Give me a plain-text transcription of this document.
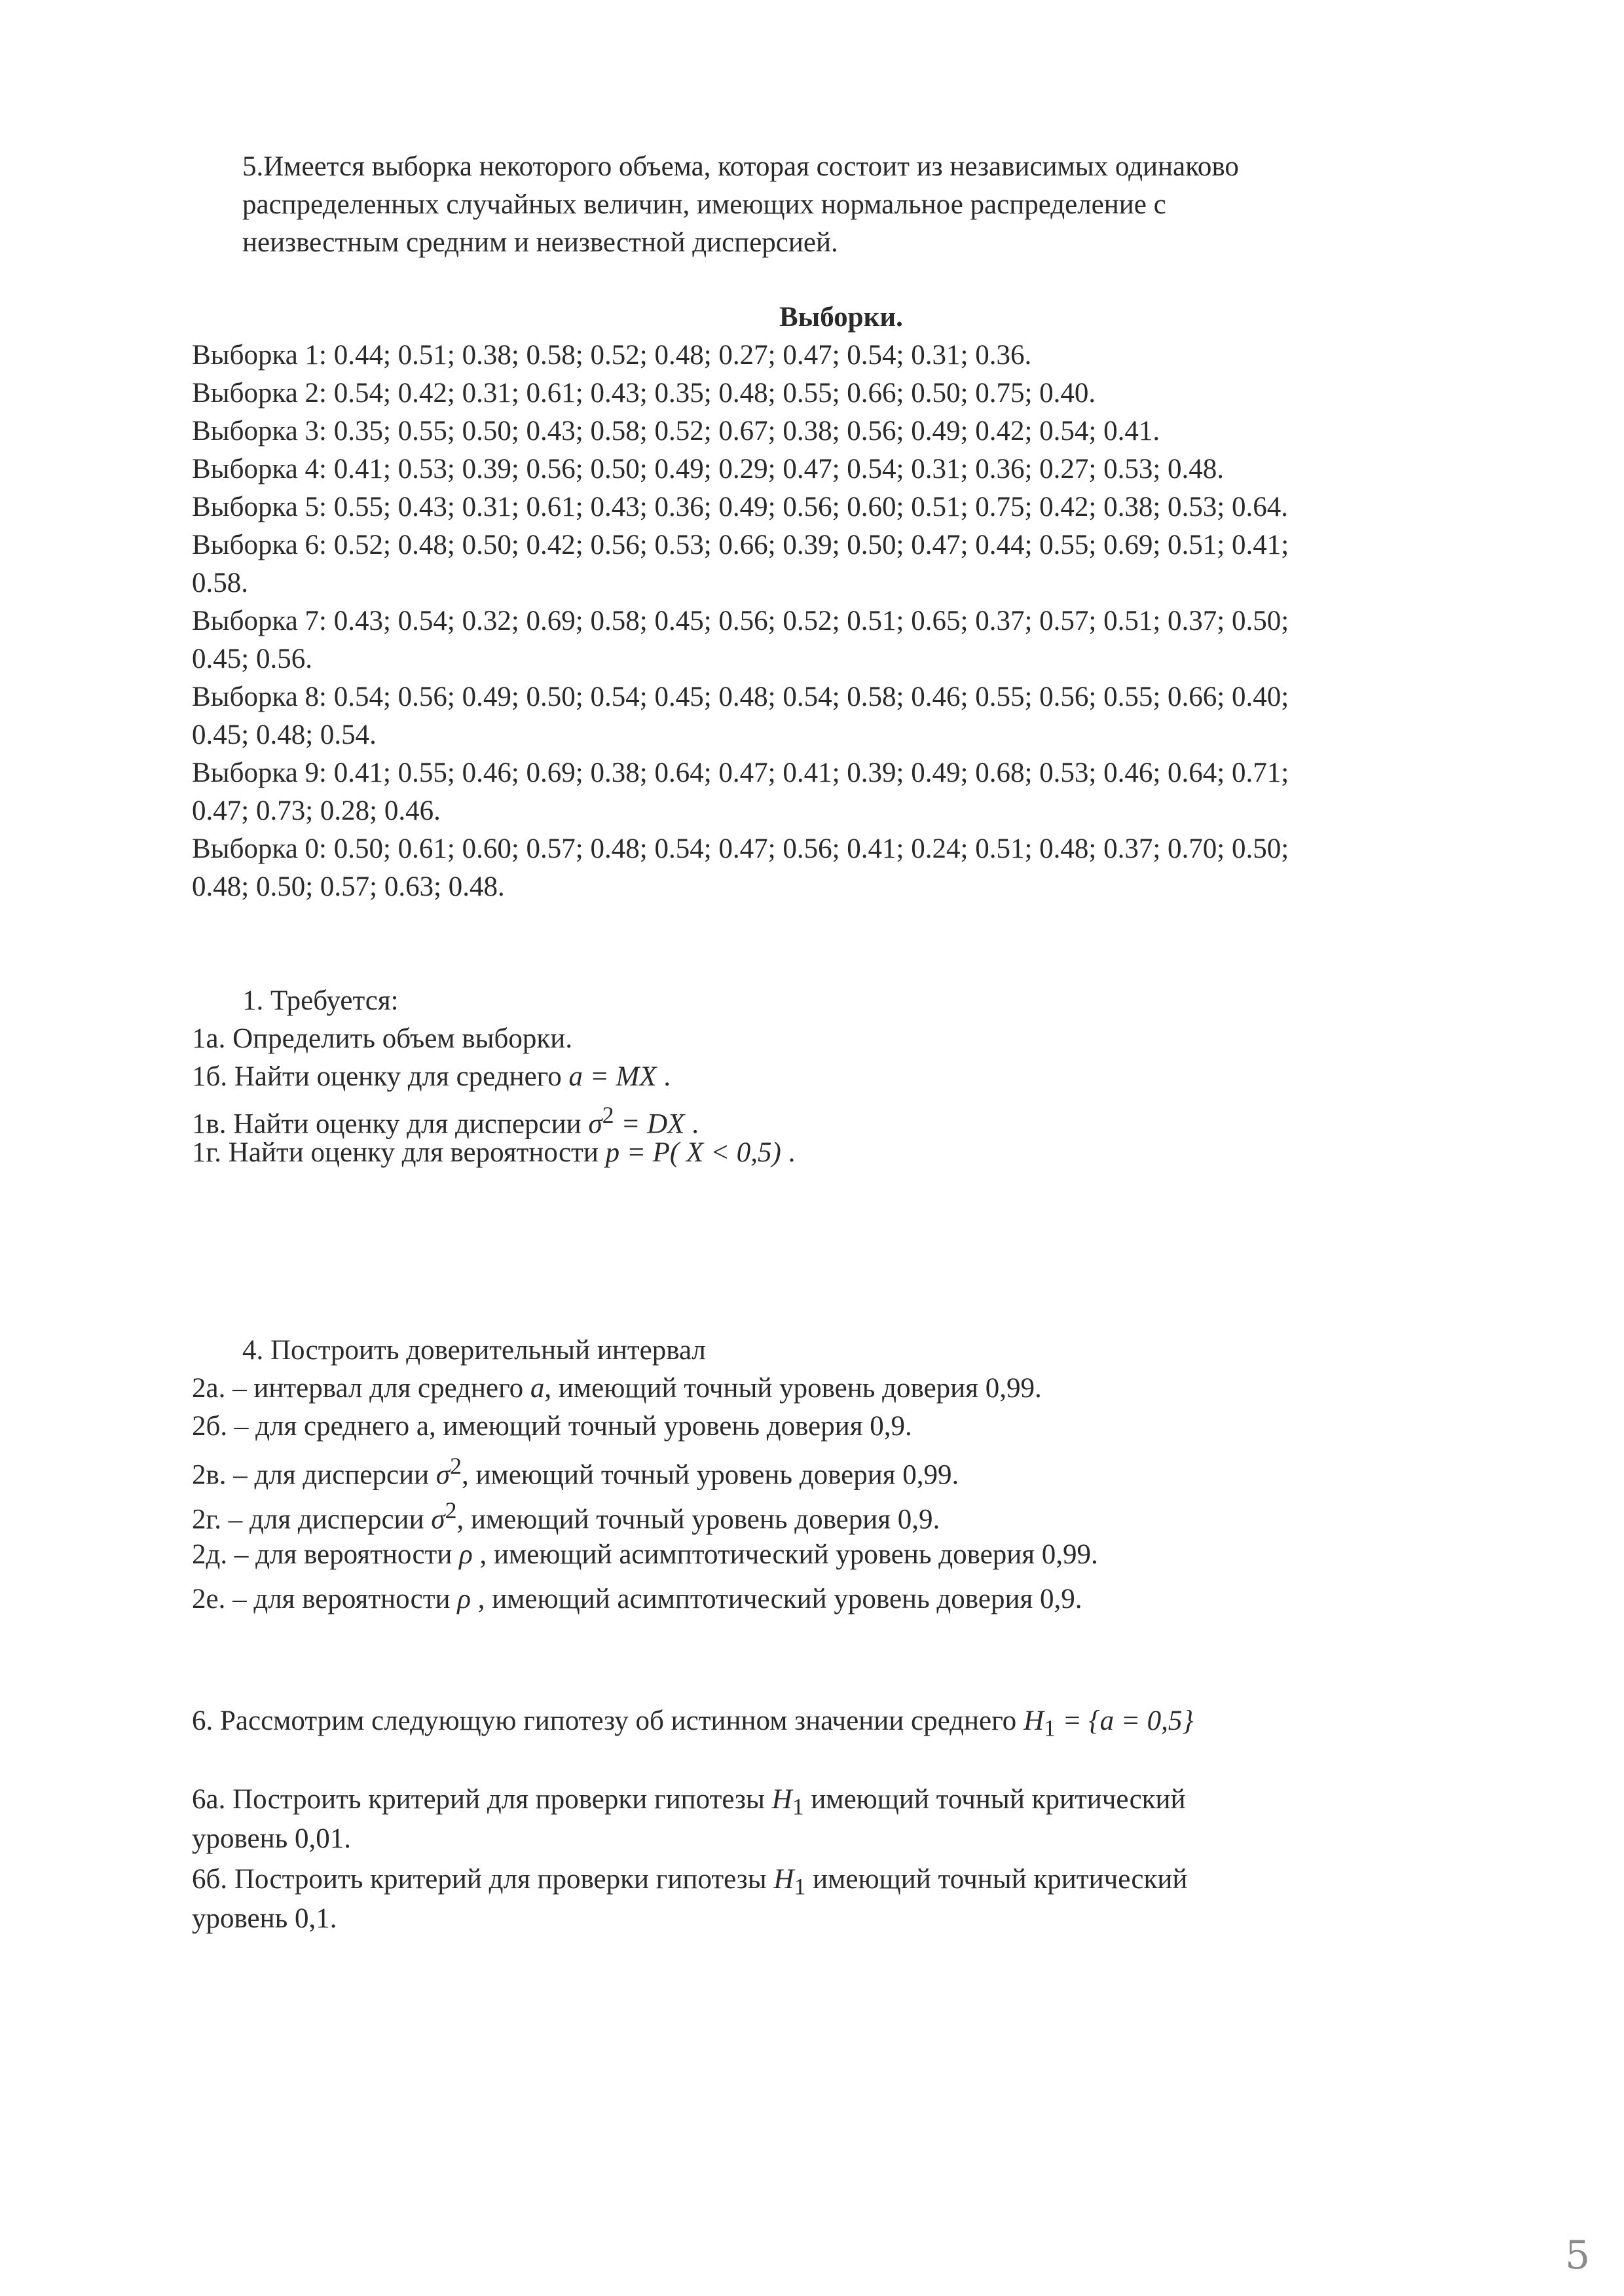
5.Имеется выборка некоторого объема, которая состоит из независимых одинаково
распределенных случайных величин, имеющих нормальное распределение с
неизвестным средним и неизвестной дисперсией.
Выборки.
Выборка 1: 0.44; 0.51; 0.38; 0.58; 0.52; 0.48; 0.27; 0.47; 0.54; 0.31; 0.36.
Выборка 2: 0.54; 0.42; 0.31; 0.61; 0.43; 0.35; 0.48; 0.55; 0.66; 0.50; 0.75; 0.40.
Выборка 3: 0.35; 0.55; 0.50; 0.43; 0.58; 0.52; 0.67; 0.38; 0.56; 0.49; 0.42; 0.54; 0.41.
Выборка 4: 0.41; 0.53; 0.39; 0.56; 0.50; 0.49; 0.29; 0.47; 0.54; 0.31; 0.36; 0.27; 0.53; 0.48.
Выборка 5: 0.55; 0.43; 0.31; 0.61; 0.43; 0.36; 0.49; 0.56; 0.60; 0.51; 0.75; 0.42; 0.38; 0.53; 0.64.
Выборка 6: 0.52; 0.48; 0.50; 0.42; 0.56; 0.53; 0.66; 0.39; 0.50; 0.47; 0.44; 0.55; 0.69; 0.51; 0.41;
0.58.
Выборка 7: 0.43; 0.54; 0.32; 0.69; 0.58; 0.45; 0.56; 0.52; 0.51; 0.65; 0.37; 0.57; 0.51; 0.37; 0.50;
0.45; 0.56.
Выборка 8: 0.54; 0.56; 0.49; 0.50; 0.54; 0.45; 0.48; 0.54; 0.58; 0.46; 0.55; 0.56; 0.55; 0.66; 0.40;
0.45; 0.48; 0.54.
Выборка 9: 0.41; 0.55; 0.46; 0.69; 0.38; 0.64; 0.47; 0.41; 0.39; 0.49; 0.68; 0.53; 0.46; 0.64; 0.71;
0.47; 0.73; 0.28; 0.46.
Выборка 0: 0.50; 0.61; 0.60; 0.57; 0.48; 0.54; 0.47; 0.56; 0.41; 0.24; 0.51; 0.48; 0.37; 0.70; 0.50;
0.48; 0.50; 0.57; 0.63; 0.48.
1. Требуется:
1а. Определить объем выборки.
1б. Найти оценку для среднего a = MX .
1в. Найти оценку для дисперсии $\sigma^2$ = DX .
1г. Найти оценку для вероятности p = P( X < 0,5) .
4. Построить доверительный интервал
2а. – интервал для среднего a, имеющий точный уровень доверия 0,99.
2б. – для среднего а, имеющий точный уровень доверия 0,9.
2в. – для дисперсии $\sigma^2$, имеющий точный уровень доверия 0,99.
2г. – для дисперсии $\sigma^2$, имеющий точный уровень доверия 0,9.
2д. – для вероятности ρ , имеющий асимптотический уровень доверия 0,99.
2е. – для вероятности ρ , имеющий асимптотический уровень доверия 0,9.
6. Рассмотрим следующую гипотезу об истинном значении среднего $H_1 = \{a = 0,5\}$
6а. Построить критерий для проверки гипотезы $H_1$ имеющий точный критический
уровень 0,01.
6б. Построить критерий для проверки гипотезы $H_1$ имеющий точный критический
уровень 0,1.
5
